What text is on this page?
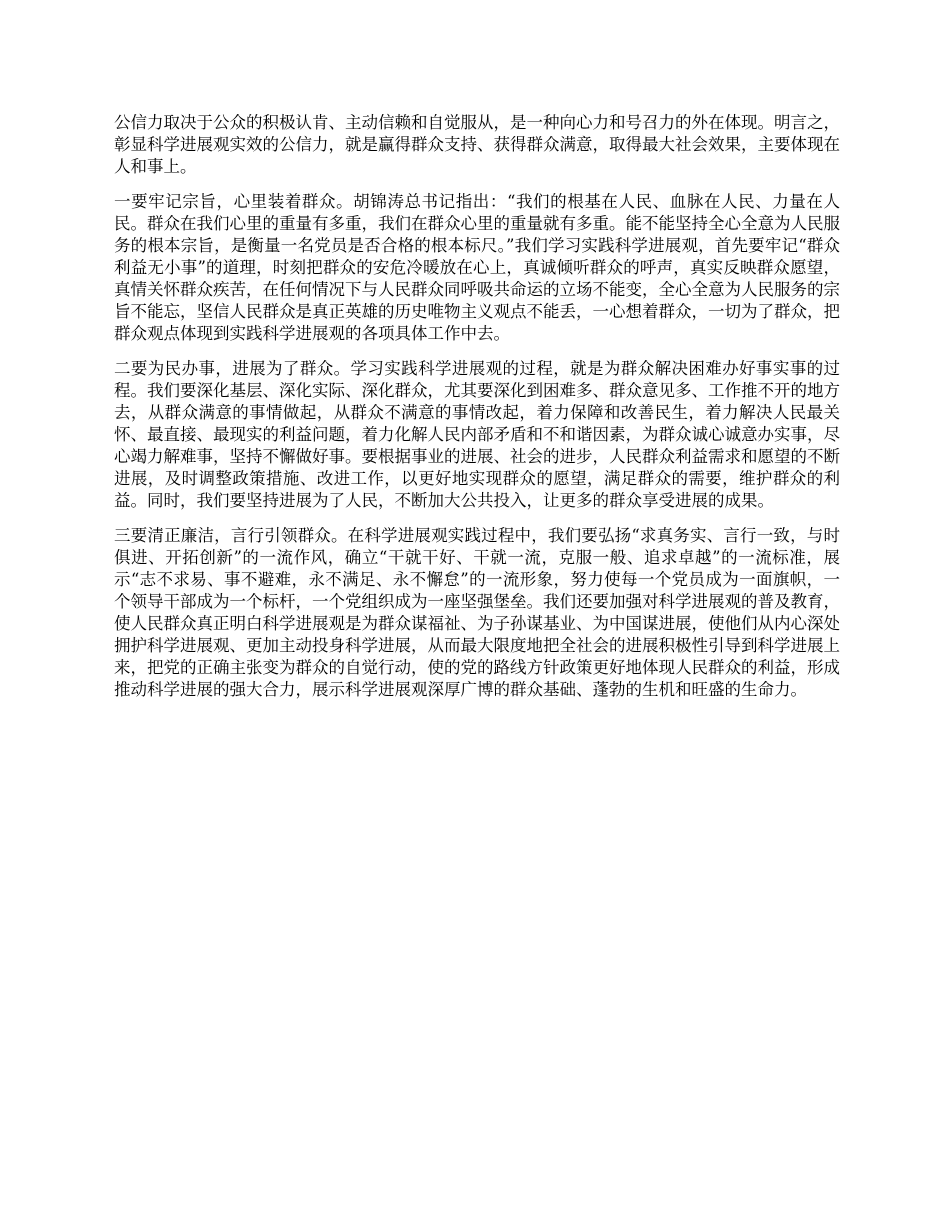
公信力取决于公众的积极认肯、主动信赖和自觉服从，是一种向心力和号召力的外在体现。明言之，彰显科学进展观实效的公信力，就是赢得群众支持、获得群众满意，取得最大社会效果，主要体现在人和事上。

一要牢记宗旨，心里装着群众。胡锦涛总书记指出：“我们的根基在人民、血脉在人民、力量在人民。群众在我们心里的重量有多重，我们在群众心里的重量就有多重。能不能坚持全心全意为人民服务的根本宗旨，是衡量一名党员是否合格的根本标尺。”我们学习实践科学进展观，首先要牢记“群众利益无小事”的道理，时刻把群众的安危冷暖放在心上，真诚倾听群众的呼声，真实反映群众愿望，真情关怀群众疾苦，在任何情况下与人民群众同呼吸共命运的立场不能变，全心全意为人民服务的宗旨不能忘，坚信人民群众是真正英雄的历史唯物主义观点不能丢，一心想着群众，一切为了群众，把群众观点体现到实践科学进展观的各项具体工作中去。

二要为民办事，进展为了群众。学习实践科学进展观的过程，就是为群众解决困难办好事实事的过程。我们要深化基层、深化实际、深化群众，尤其要深化到困难多、群众意见多、工作推不开的地方去，从群众满意的事情做起，从群众不满意的事情改起，着力保障和改善民生，着力解决人民最关怀、最直接、最现实的利益问题，着力化解人民内部矛盾和不和谐因素，为群众诚心诚意办实事，尽心竭力解难事，坚持不懈做好事。要根据事业的进展、社会的进步，人民群众利益需求和愿望的不断进展，及时调整政策措施、改进工作，以更好地实现群众的愿望，满足群众的需要，维护群众的利益。同时，我们要坚持进展为了人民，不断加大公共投入，让更多的群众享受进展的成果。

三要清正廉洁，言行引领群众。在科学进展观实践过程中，我们要弘扬“求真务实、言行一致，与时俱进、开拓创新”的一流作风，确立“干就干好、干就一流，克服一般、追求卓越”的一流标准，展示“志不求易、事不避难，永不满足、永不懈怠”的一流形象，努力使每一个党员成为一面旗帜，一个领导干部成为一个标杆，一个党组织成为一座坚强堡垒。我们还要加强对科学进展观的普及教育，使人民群众真正明白科学进展观是为群众谋福祉、为子孙谋基业、为中国谋进展，使他们从内心深处拥护科学进展观、更加主动投身科学进展，从而最大限度地把全社会的进展积极性引导到科学进展上来，把党的正确主张变为群众的自觉行动，使的党的路线方针政策更好地体现人民群众的利益，形成推动科学进展的强大合力，展示科学进展观深厚广博的群众基础、蓬勃的生机和旺盛的生命力。
